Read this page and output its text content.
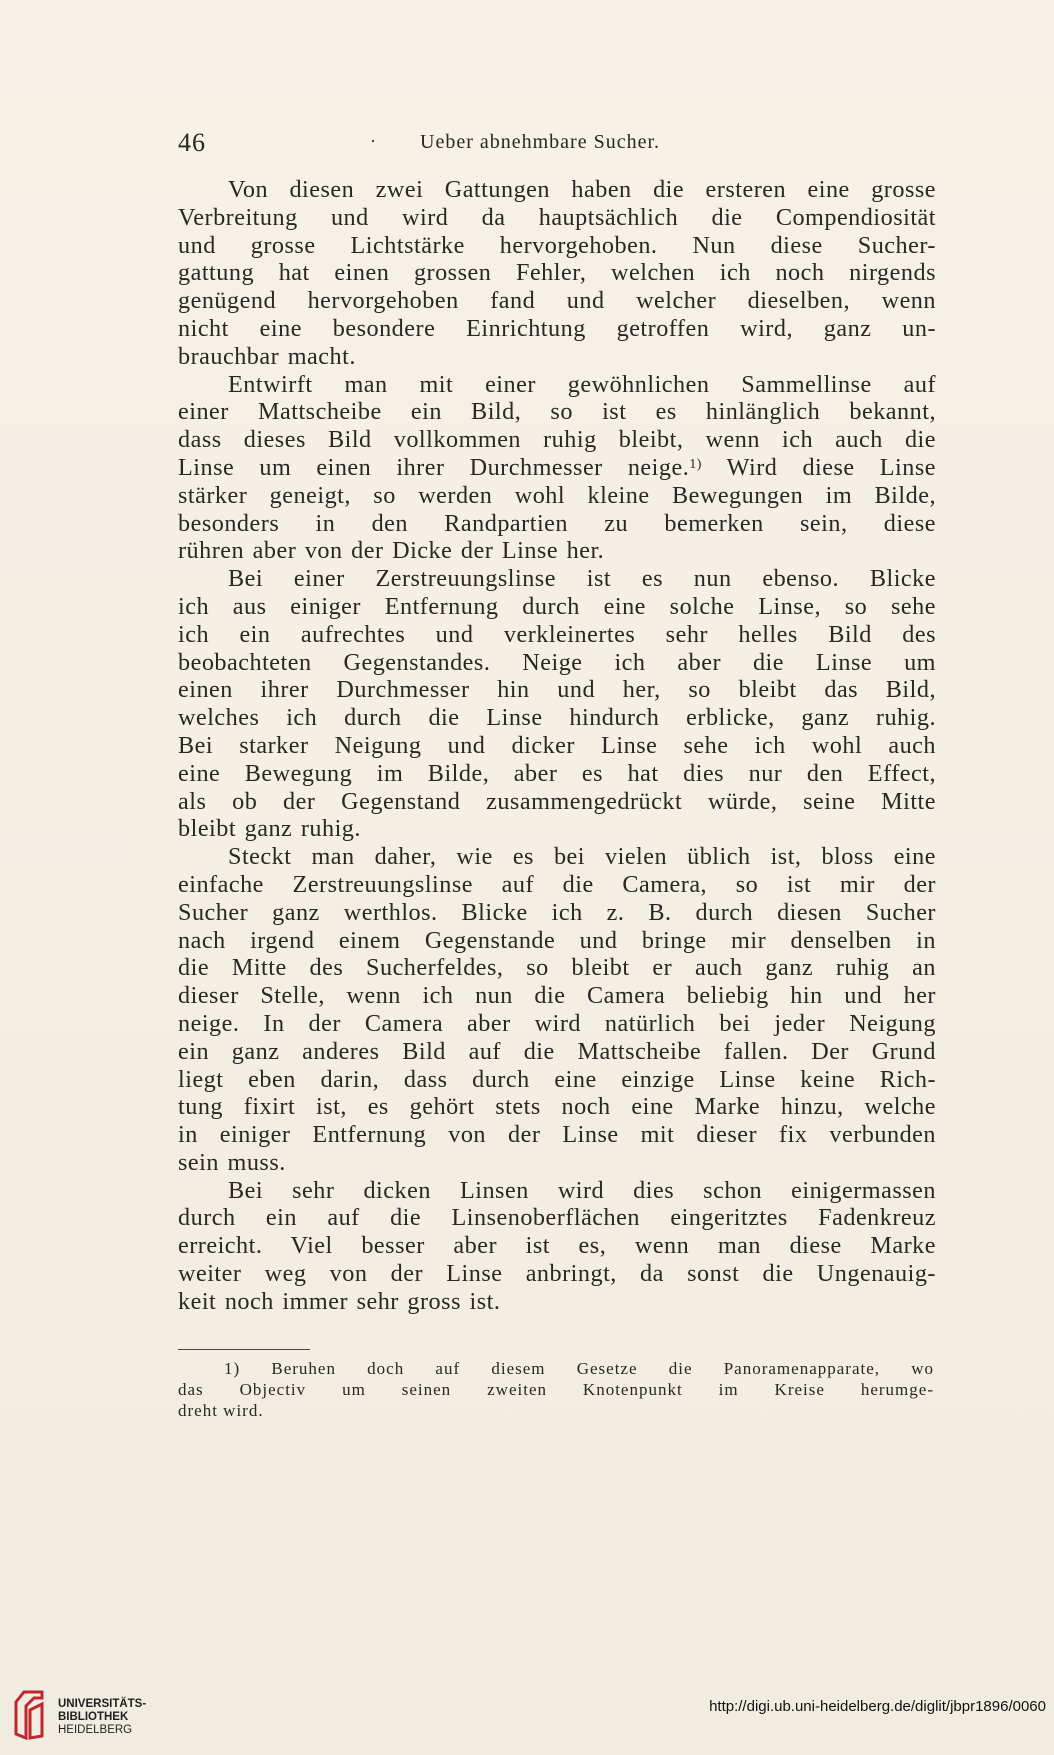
46	· Ueber abnehmbare Sucher.
Von diesen zwei Gattungen haben die ersteren eine grosse
Verbreitung und wird da hauptsächlich die Compendiosität
und grosse Lichtstärke hervorgehoben. Nun diese Sucher-
gattung hat einen grossen Fehler, welchen ich noch nirgends
genügend hervorgehoben fand und welcher dieselben, wenn
nicht eine besondere Einrichtung getroffen wird, ganz un-
brauchbar macht.
Entwirft man mit einer gewöhnlichen Sammellinse auf
einer Mattscheibe ein Bild, so ist es hinlänglich bekannt,
dass dieses Bild vollkommen ruhig bleibt, wenn ich auch die
Linse um einen ihrer Durchmesser neige.$^{1)}$ Wird diese Linse
stärker geneigt, so werden wohl kleine Bewegungen im Bilde,
besonders in den Randpartien zu bemerken sein, diese
rühren aber von der Dicke der Linse her.
Bei einer Zerstreuungslinse ist es nun ebenso. Blicke
ich aus einiger Entfernung durch eine solche Linse, so sehe
ich ein aufrechtes und verkleinertes sehr helles Bild des
beobachteten Gegenstandes. Neige ich aber die Linse um
einen ihrer Durchmesser hin und her, so bleibt das Bild,
welches ich durch die Linse hindurch erblicke, ganz ruhig.
Bei starker Neigung und dicker Linse sehe ich wohl auch
eine Bewegung im Bilde, aber es hat dies nur den Effect,
als ob der Gegenstand zusammengedrückt würde, seine Mitte
bleibt ganz ruhig.
Steckt man daher, wie es bei vielen üblich ist, bloss eine
einfache Zerstreuungslinse auf die Camera, so ist mir der
Sucher ganz werthlos. Blicke ich z. B. durch diesen Sucher
nach irgend einem Gegenstande und bringe mir denselben in
die Mitte des Sucherfeldes, so bleibt er auch ganz ruhig an
dieser Stelle, wenn ich nun die Camera beliebig hin und her
neige. In der Camera aber wird natürlich bei jeder Neigung
ein ganz anderes Bild auf die Mattscheibe fallen. Der Grund
liegt eben darin, dass durch eine einzige Linse keine Rich-
tung fixirt ist, es gehört stets noch eine Marke hinzu, welche
in einiger Entfernung von der Linse mit dieser fix verbunden
sein muss.
Bei sehr dicken Linsen wird dies schon einigermassen
durch ein auf die Linsenoberflächen eingeritztes Fadenkreuz
erreicht. Viel besser aber ist es, wenn man diese Marke
weiter weg von der Linse anbringt, da sonst die Ungenauig-
keit noch immer sehr gross ist.
1) Beruhen doch auf diesem Gesetze die Panoramenapparate, wo
das Objectiv um seinen zweiten Knotenpunkt im Kreise herumge-
dreht wird.
UNIVERSITÄTS-
BIBLIOTHEK
HEIDELBERG
http://digi.ub.uni-heidelberg.de/diglit/jbpr1896/0060
